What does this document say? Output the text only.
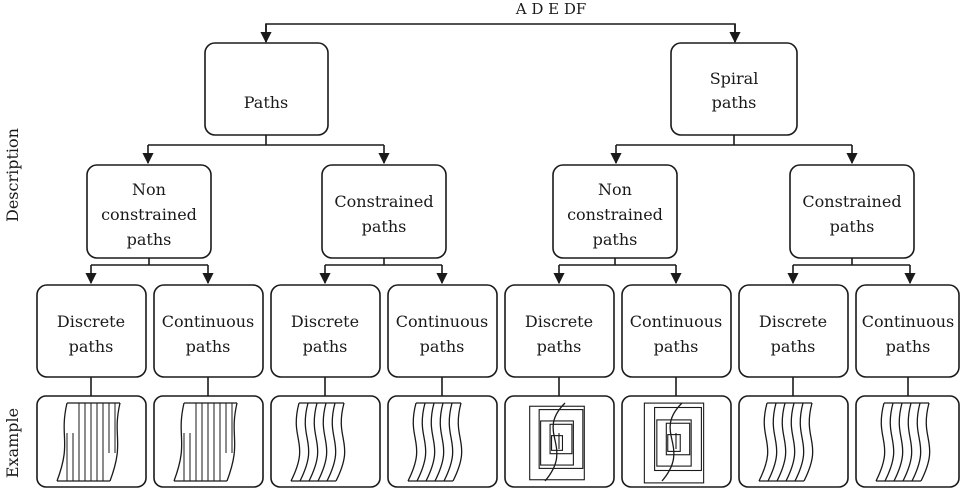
A D E DF
Description
Example
Paths
Spiral
paths
Non
constrained
paths
Constrained
paths
Non
constrained
paths
Constrained
paths
Discrete
paths
Continuous
paths
Discrete
paths
Continuous
paths
Discrete
paths
Continuous
paths
Discrete
paths
Continuous
paths
